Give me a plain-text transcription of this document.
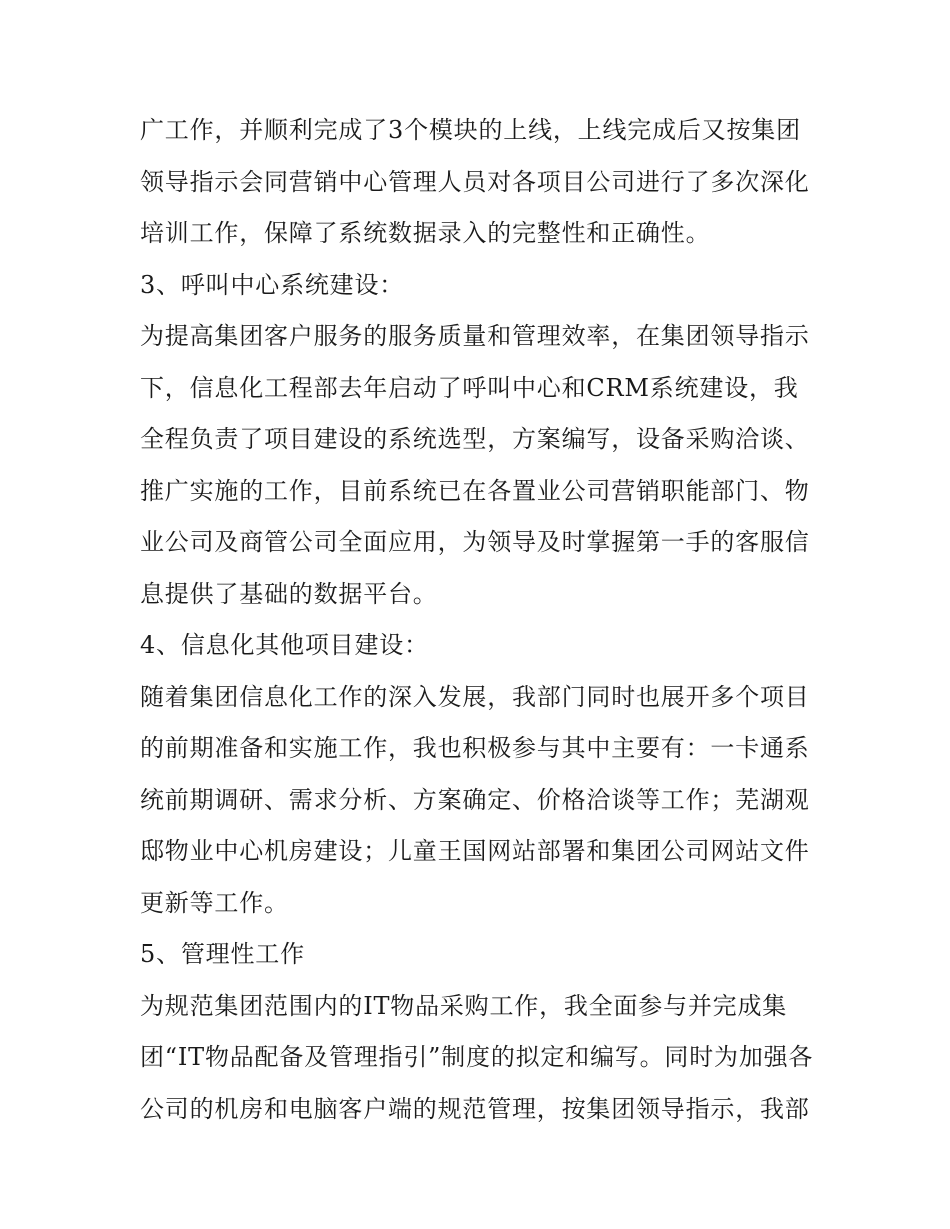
广工作，并顺利完成了3个模块的上线，上线完成后又按集团
领导指示会同营销中心管理人员对各项目公司进行了多次深化
培训工作，保障了系统数据录入的完整性和正确性。
3、呼叫中心系统建设：
为提高集团客户服务的服务质量和管理效率，在集团领导指示
下，信息化工程部去年启动了呼叫中心和CRM系统建设，我
全程负责了项目建设的系统选型，方案编写，设备采购洽谈、
推广实施的工作，目前系统已在各置业公司营销职能部门、物
业公司及商管公司全面应用，为领导及时掌握第一手的客服信
息提供了基础的数据平台。
4、信息化其他项目建设：
随着集团信息化工作的深入发展，我部门同时也展开多个项目
的前期准备和实施工作，我也积极参与其中主要有：一卡通系
统前期调研、需求分析、方案确定、价格洽谈等工作；芜湖观
邸物业中心机房建设；儿童王国网站部署和集团公司网站文件
更新等工作。
5、管理性工作
为规范集团范围内的IT物品采购工作，我全面参与并完成集
团“IT物品配备及管理指引”制度的拟定和编写。同时为加强各
公司的机房和电脑客户端的规范管理，按集团领导指示，我部
